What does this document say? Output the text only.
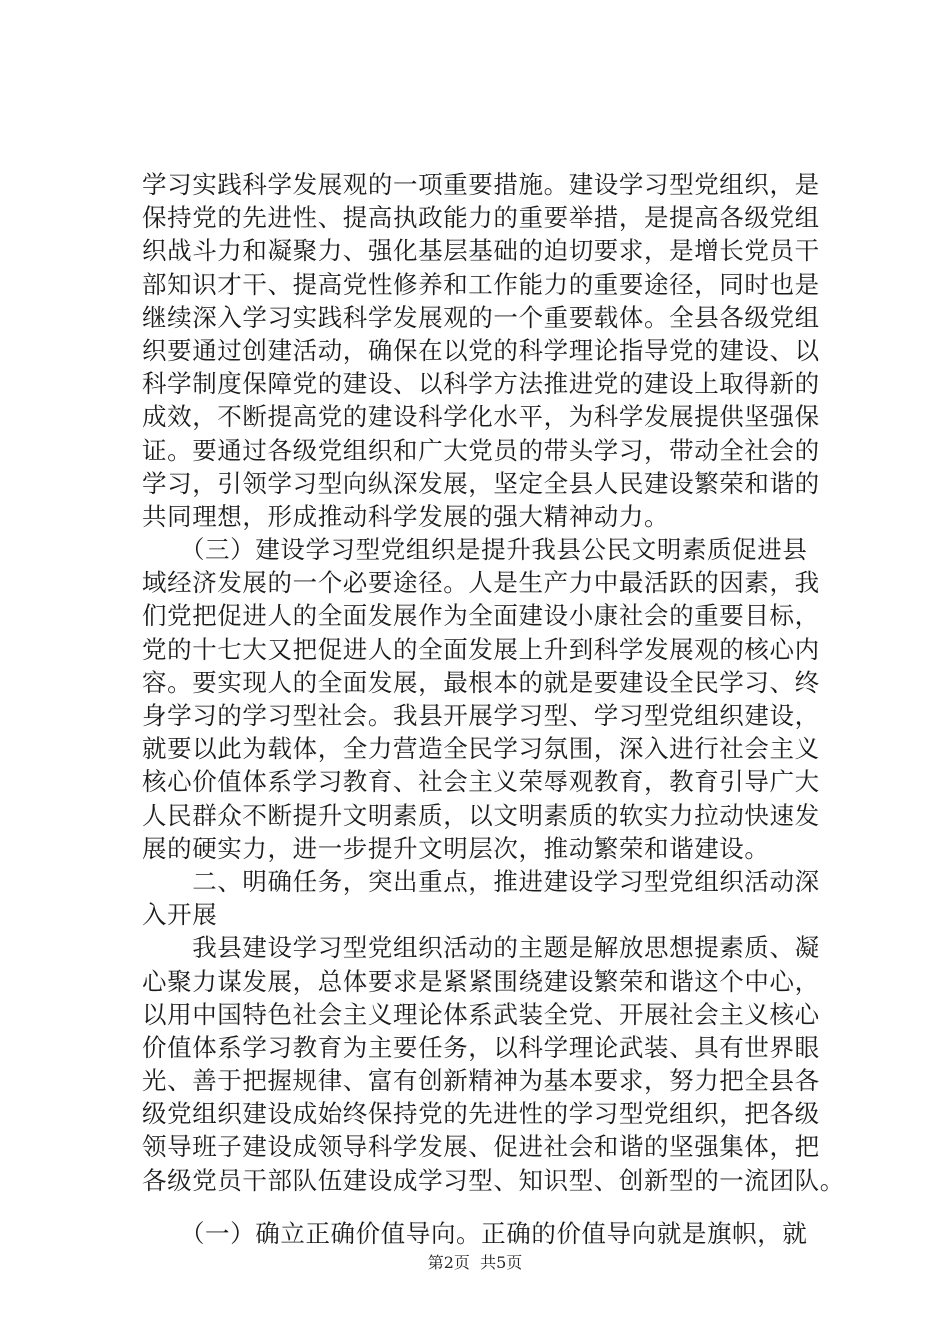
学习实践科学发展观的一项重要措施。建设学习型党组织，是
保持党的先进性、提高执政能力的重要举措，是提高各级党组
织战斗力和凝聚力、强化基层基础的迫切要求，是增长党员干
部知识才干、提高党性修养和工作能力的重要途径，同时也是
继续深入学习实践科学发展观的一个重要载体。全县各级党组
织要通过创建活动，确保在以党的科学理论指导党的建设、以
科学制度保障党的建设、以科学方法推进党的建设上取得新的
成效，不断提高党的建设科学化水平，为科学发展提供坚强保
证。要通过各级党组织和广大党员的带头学习，带动全社会的
学习，引领学习型向纵深发展，坚定全县人民建设繁荣和谐的
共同理想，形成推动科学发展的强大精神动力。
　　（三）建设学习型党组织是提升我县公民文明素质促进县
域经济发展的一个必要途径。人是生产力中最活跃的因素，我
们党把促进人的全面发展作为全面建设小康社会的重要目标，
党的十七大又把促进人的全面发展上升到科学发展观的核心内
容。要实现人的全面发展，最根本的就是要建设全民学习、终
身学习的学习型社会。我县开展学习型、学习型党组织建设，
就要以此为载体，全力营造全民学习氛围，深入进行社会主义
核心价值体系学习教育、社会主义荣辱观教育，教育引导广大
人民群众不断提升文明素质，以文明素质的软实力拉动快速发
展的硬实力，进一步提升文明层次，推动繁荣和谐建设。
　　二、明确任务，突出重点，推进建设学习型党组织活动深
入开展
　　我县建设学习型党组织活动的主题是解放思想提素质、凝
心聚力谋发展，总体要求是紧紧围绕建设繁荣和谐这个中心，
以用中国特色社会主义理论体系武装全党、开展社会主义核心
价值体系学习教育为主要任务，以科学理论武装、具有世界眼
光、善于把握规律、富有创新精神为基本要求，努力把全县各
级党组织建设成始终保持党的先进性的学习型党组织，把各级
领导班子建设成领导科学发展、促进社会和谐的坚强集体，把
各级党员干部队伍建设成学习型、知识型、创新型的一流团队。
　　（一）确立正确价值导向。正确的价值导向就是旗帜，就
第2页  共5页
